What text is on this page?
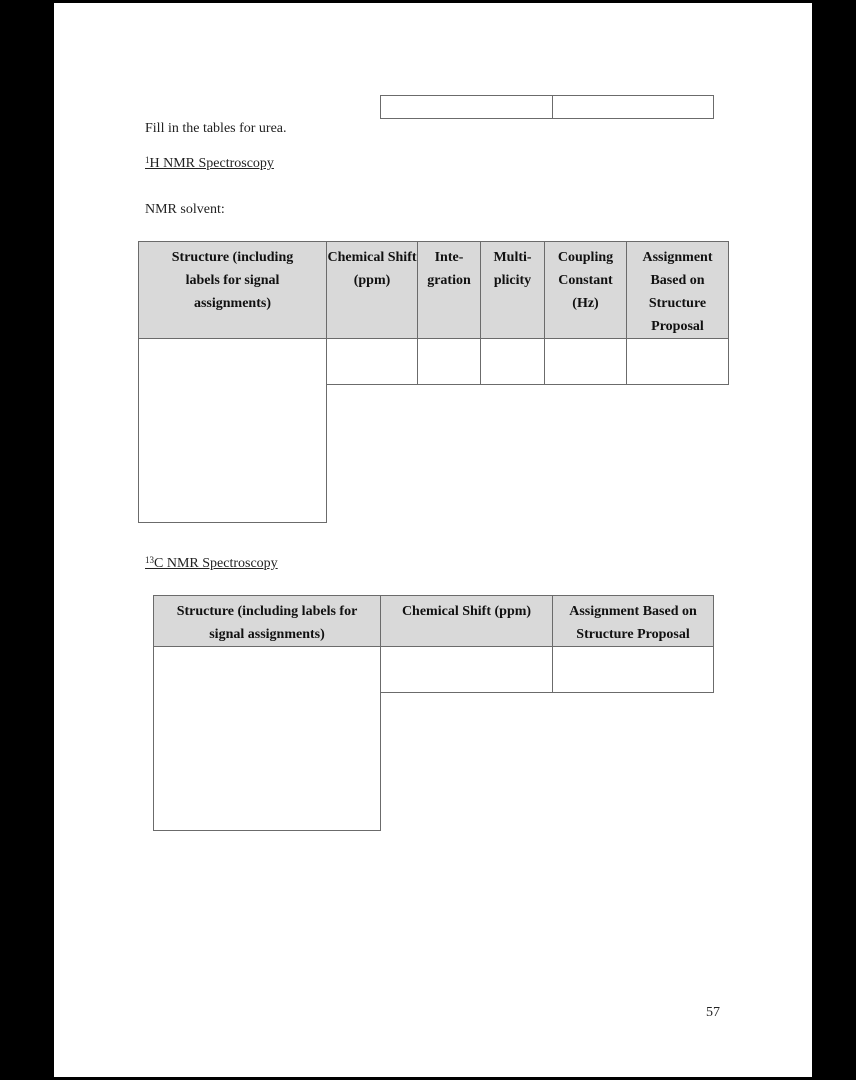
Fill in the tables for urea.
$^1$H NMR Spectroscopy
NMR solvent:
Structure (including labels for signal assignments)	Chemical Shift (ppm)	Inte-gration	Multi-plicity	Coupling Constant (Hz)	Assignment Based on Structure Proposal

$^{13}$C NMR Spectroscopy
Structure (including labels for signal assignments)	Chemical Shift (ppm)	Assignment Based on Structure Proposal

57
